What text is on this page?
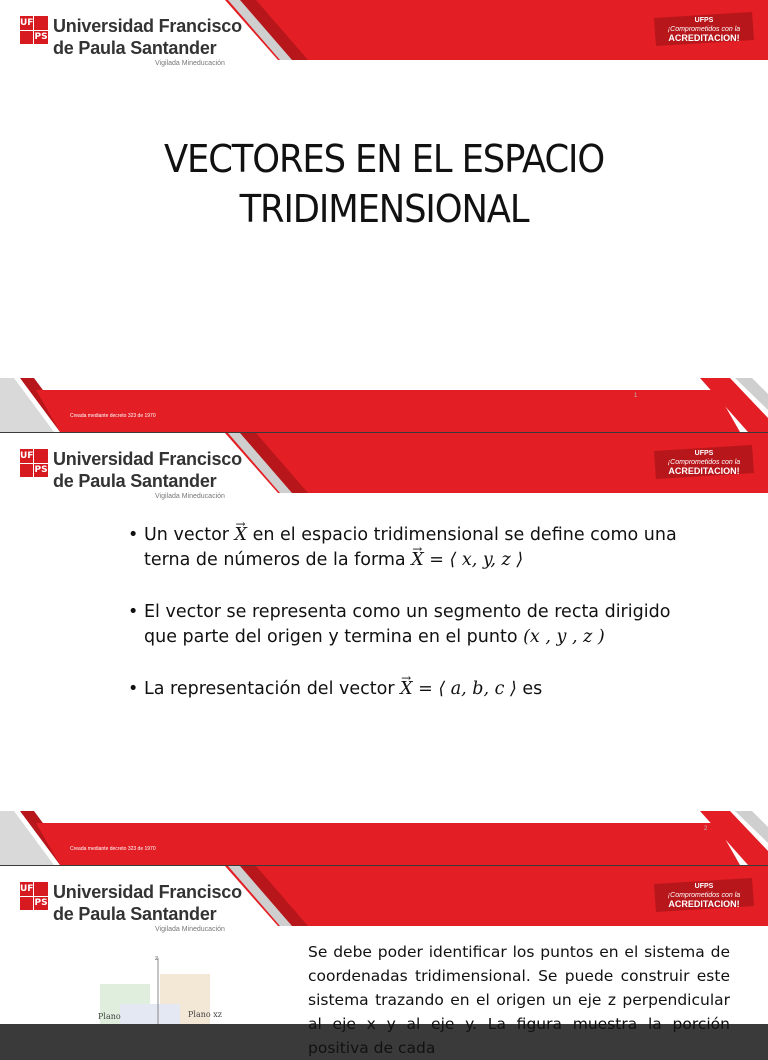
UF
PS
Universidad Francisco
de Paula Santander
Vigilada Mineducación
UFPS
¡Comprometidos con la
ACREDITACION!
VECTORES EN EL ESPACIO
TRIDIMENSIONAL
Creada mediante decreto 323 de 1970
1
UF
PS
Universidad Francisco
de Paula Santander
Vigilada Mineducación
UFPS
¡Comprometidos con la
ACREDITACION!
• Un vector → X en el espacio tridimensional se define como una terna de números de la forma → X = ⟨ x, y, z ⟩
• El vector se representa como un segmento de recta dirigido que parte del origen y termina en el punto (x , y , z )
• La representación del vector → X = ⟨ a, b, c ⟩ es
Creada mediante decreto 323 de 1970
2
UF
PS
Universidad Francisco
de Paula Santander
Vigilada Mineducación
UFPS
¡Comprometidos con la
ACREDITACION!
z
Plano	Plano xz
Se debe poder identificar los puntos en el sistema de coordenadas tridimensional. Se puede construir este sistema trazando en el origen un eje z perpendicular al eje x y al eje y. La figura muestra la porción positiva de cada
